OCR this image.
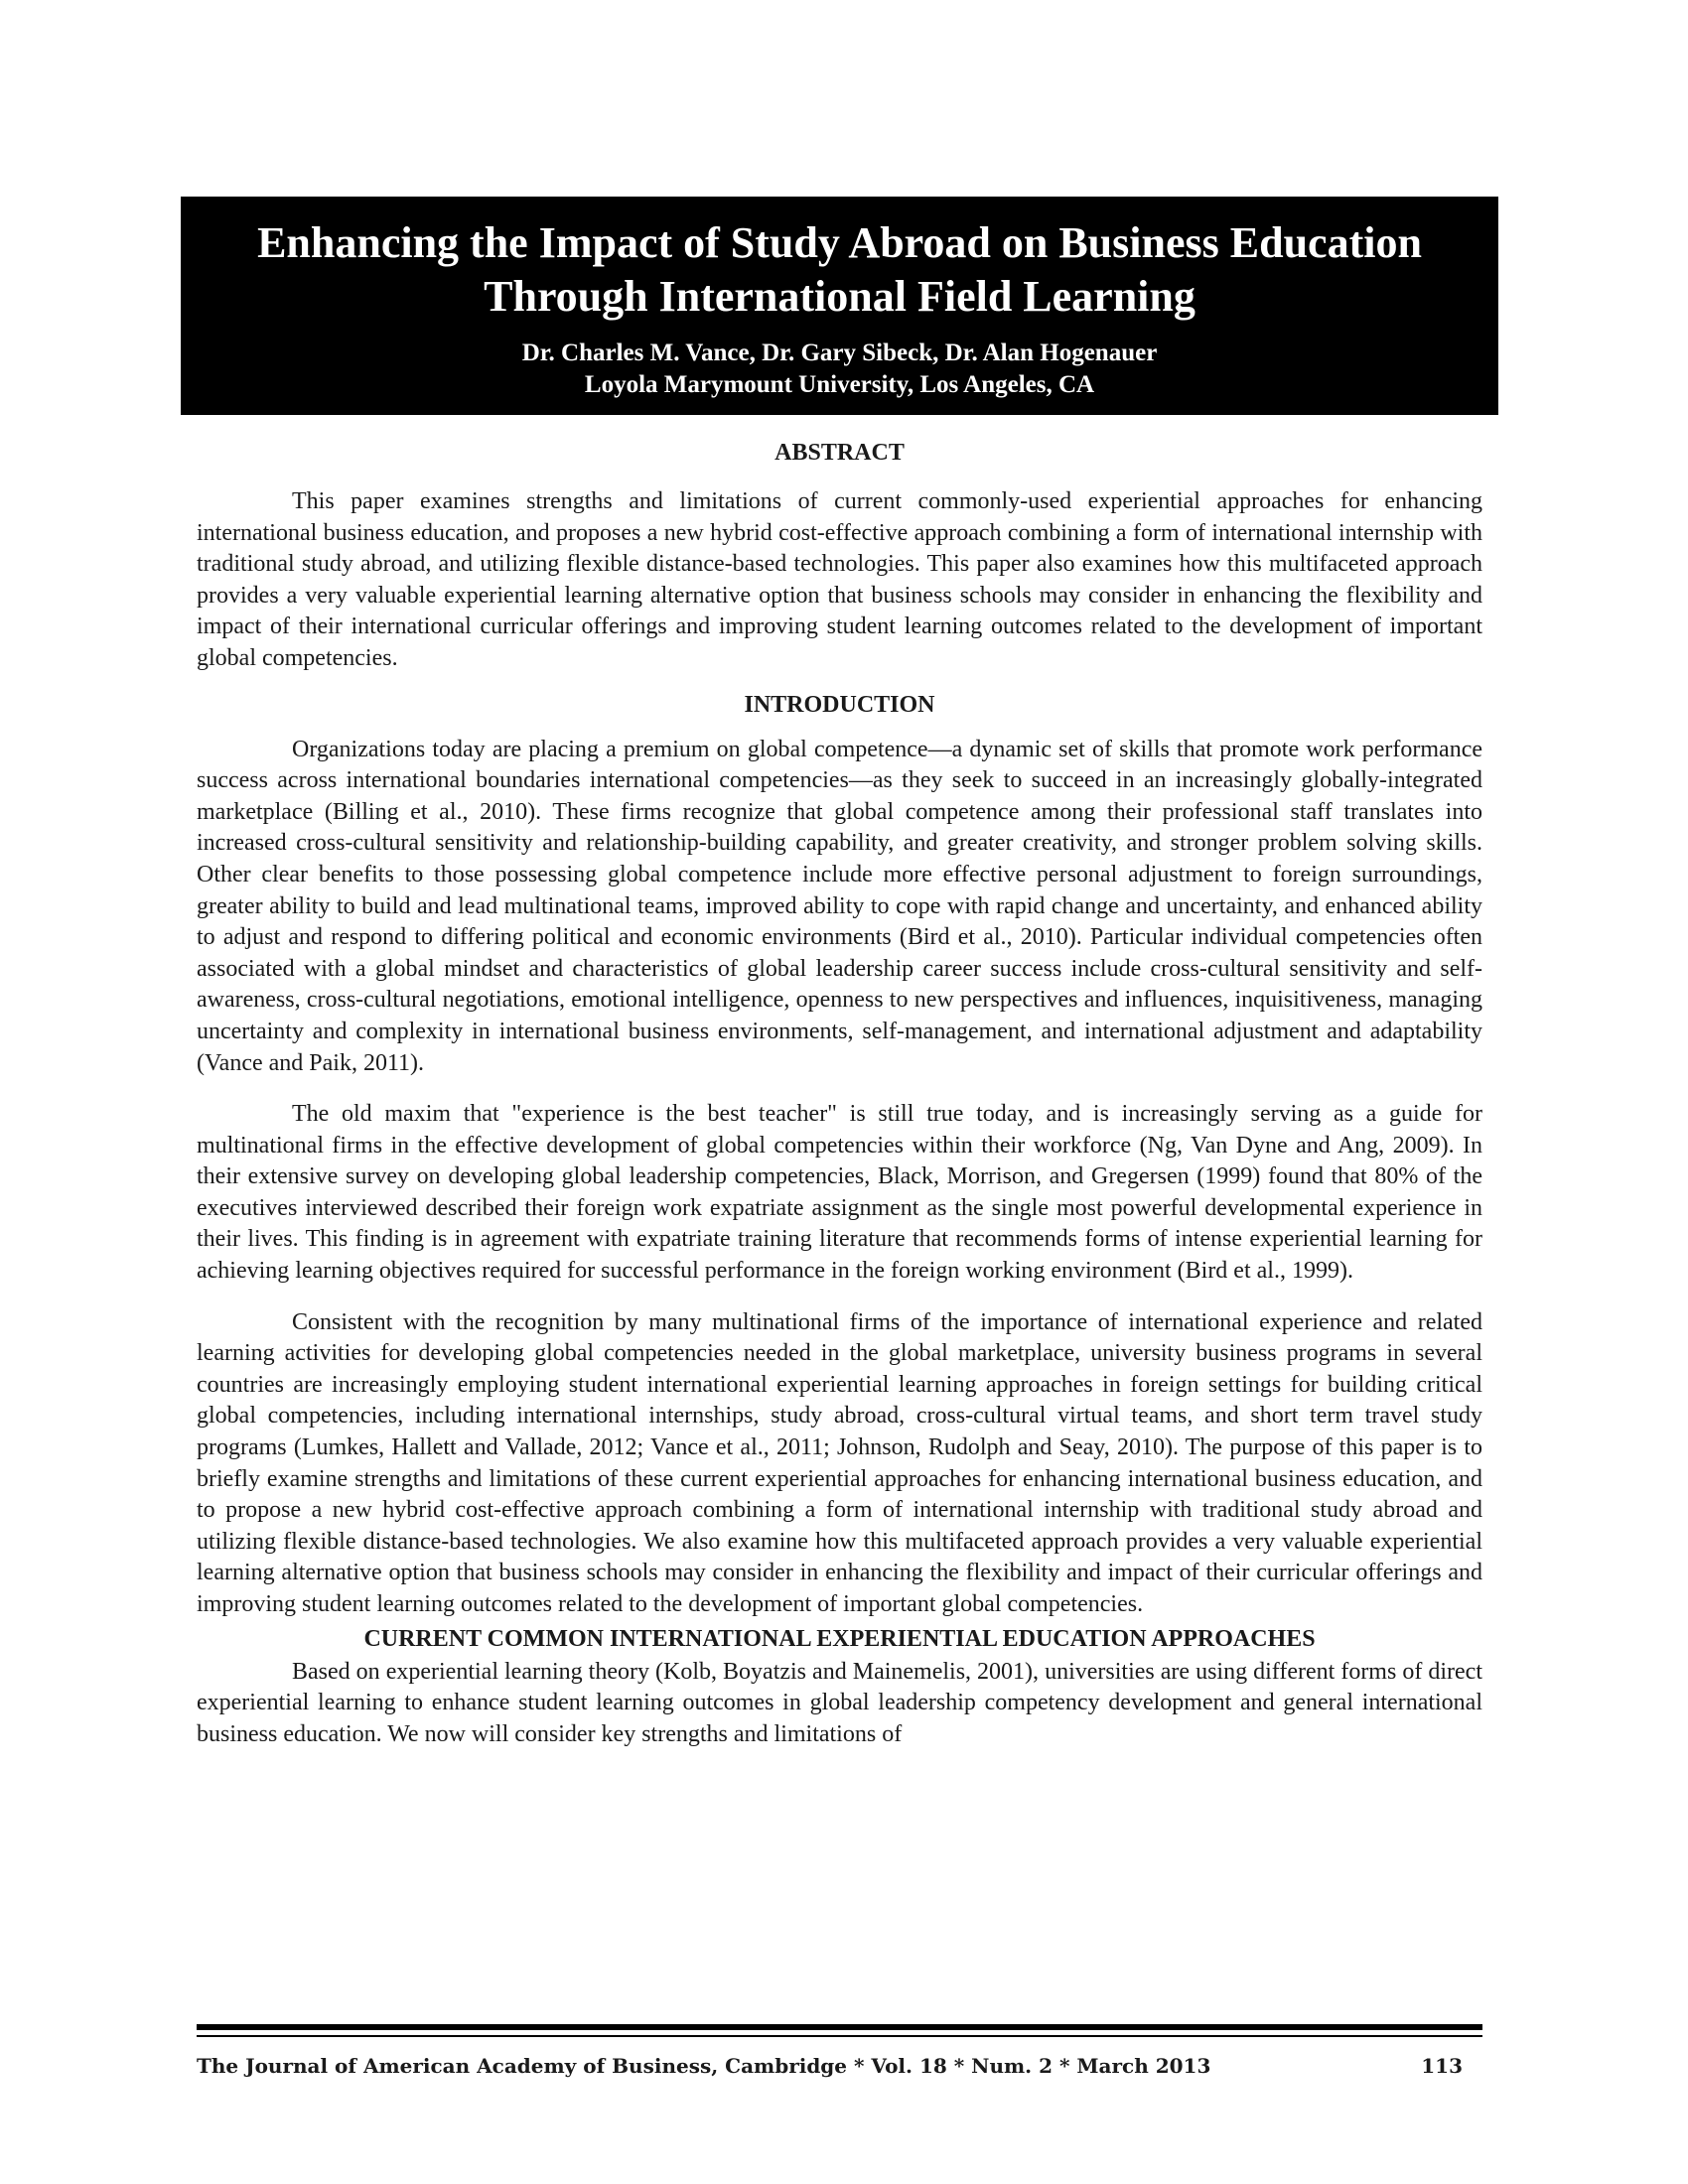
Enhancing the Impact of Study Abroad on Business Education
Through International Field Learning
Dr. Charles M. Vance, Dr. Gary Sibeck, Dr. Alan Hogenauer
Loyola Marymount University, Los Angeles, CA
ABSTRACT

This paper examines strengths and limitations of current commonly-used experiential approaches for enhancing international business education, and proposes a new hybrid cost-effective approach combining a form of international internship with traditional study abroad, and utilizing flexible distance-based technologies. This paper also examines how this multifaceted approach provides a very valuable experiential learning alternative option that business schools may consider in enhancing the flexibility and impact of their international curricular offerings and improving student learning outcomes related to the development of important global competencies.

INTRODUCTION

Organizations today are placing a premium on global competence—a dynamic set of skills that promote work performance success across international boundaries international competencies—as they seek to succeed in an increasingly globally-integrated marketplace (Billing et al., 2010). These firms recognize that global competence among their professional staff translates into increased cross-cultural sensitivity and relationship-building capability, and greater creativity, and stronger problem solving skills. Other clear benefits to those possessing global competence include more effective personal adjustment to foreign surroundings, greater ability to build and lead multinational teams, improved ability to cope with rapid change and uncertainty, and enhanced ability to adjust and respond to differing political and economic environments (Bird et al., 2010). Particular individual competencies often associated with a global mindset and characteristics of global leadership career success include cross-cultural sensitivity and self-awareness, cross-cultural negotiations, emotional intelligence, openness to new perspectives and influences, inquisitiveness, managing uncertainty and complexity in international business environments, self-management, and international adjustment and adaptability (Vance and Paik, 2011).

The old maxim that "experience is the best teacher" is still true today, and is increasingly serving as a guide for multinational firms in the effective development of global competencies within their workforce (Ng, Van Dyne and Ang, 2009). In their extensive survey on developing global leadership competencies, Black, Morrison, and Gregersen (1999) found that 80% of the executives interviewed described their foreign work expatriate assignment as the single most powerful developmental experience in their lives. This finding is in agreement with expatriate training literature that recommends forms of intense experiential learning for achieving learning objectives required for successful performance in the foreign working environment (Bird et al., 1999).

Consistent with the recognition by many multinational firms of the importance of international experience and related learning activities for developing global competencies needed in the global marketplace, university business programs in several countries are increasingly employing student international experiential learning approaches in foreign settings for building critical global competencies, including international internships, study abroad, cross-cultural virtual teams, and short term travel study programs (Lumkes, Hallett and Vallade, 2012; Vance et al., 2011; Johnson, Rudolph and Seay, 2010). The purpose of this paper is to briefly examine strengths and limitations of these current experiential approaches for enhancing international business education, and to propose a new hybrid cost-effective approach combining a form of international internship with traditional study abroad and utilizing flexible distance-based technologies. We also examine how this multifaceted approach provides a very valuable experiential learning alternative option that business schools may consider in enhancing the flexibility and impact of their curricular offerings and improving student learning outcomes related to the development of important global competencies.

CURRENT COMMON INTERNATIONAL EXPERIENTIAL EDUCATION APPROACHES

Based on experiential learning theory (Kolb, Boyatzis and Mainemelis, 2001), universities are using different forms of direct experiential learning to enhance student learning outcomes in global leadership competency development and general international business education. We now will consider key strengths and limitations of

The Journal of American Academy of Business, Cambridge * Vol. 18 * Num. 2 * March 2013	113
